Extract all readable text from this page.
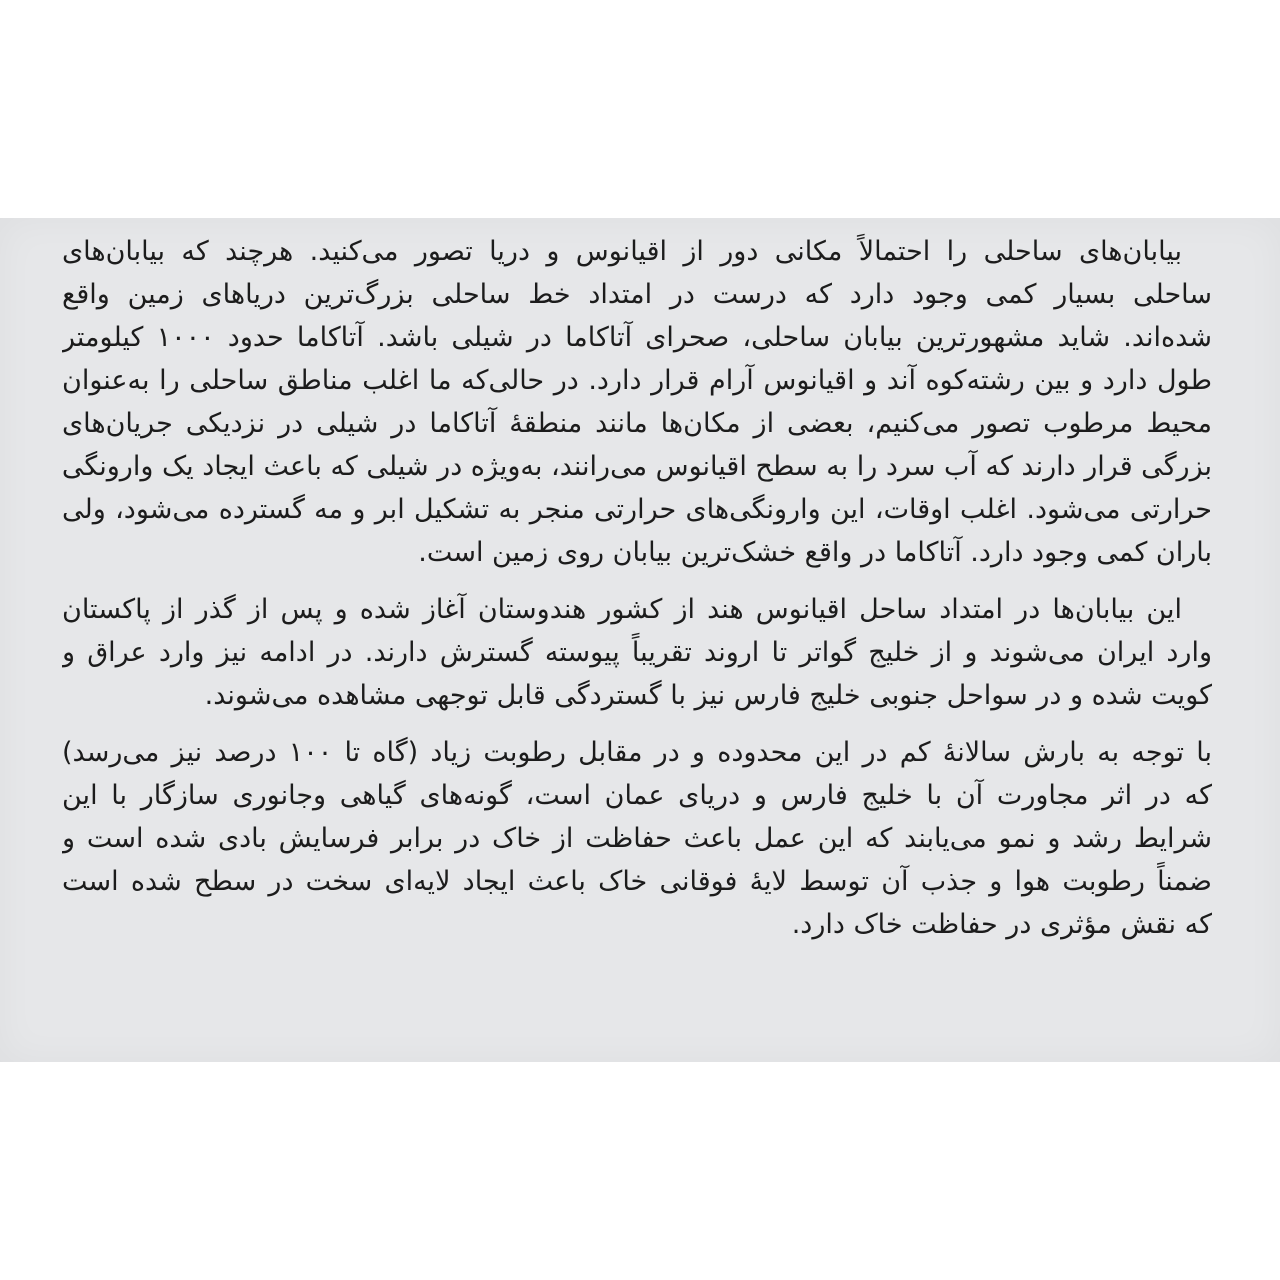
بیابان‌های ساحلی را احتمالاً مکانی دور از اقیانوس و دریا تصور می‌کنید. هرچند که بیابان‌های
ساحلی بسیار کمی وجود دارد که درست در امتداد خط ساحلی بزرگ‌ترین دریاهای زمین واقع
شده‌اند. شاید مشهورترین بیابان ساحلی، صحرای آتاکاما در شیلی باشد. آتاکاما حدود ۱۰۰۰ کیلومتر
طول دارد و بین رشته‌کوه آند و اقیانوس آرام قرار دارد. در حالی‌که ما اغلب مناطق ساحلی را به‌عنوان
محیط مرطوب تصور می‌کنیم، بعضی از مکان‌ها مانند منطقهٔ آتاکاما در شیلی در نزدیکی جریان‌های
بزرگی قرار دارند که آب سرد را به سطح اقیانوس می‌رانند، به‌ویژه در شیلی که باعث ایجاد یک وارونگی
حرارتی می‌شود. اغلب اوقات، این وارونگی‌های حرارتی منجر به تشکیل ابر و مه گسترده می‌شود، ولی
باران کمی وجود دارد. آتاکاما در واقع خشک‌ترین بیابان روی زمین است.

این بیابان‌ها در امتداد ساحل اقیانوس هند از کشور هندوستان آغاز شده و پس از گذر از پاکستان
وارد ایران می‌شوند و از خلیج گواتر تا اروند تقریباً پیوسته گسترش دارند. در ادامه نیز وارد عراق و
کویت شده و در سواحل جنوبی خلیج فارس نیز با گستردگی قابل توجهی مشاهده می‌شوند.

با توجه به بارش سالانهٔ کم در این محدوده و در مقابل رطوبت زیاد (گاه تا ۱۰۰ درصد نیز می‌رسد)
که در اثر مجاورت آن با خلیج فارس و دریای عمان است، گونه‌های گیاهی وجانوری سازگار با این
شرایط رشد و نمو می‌یابند که این عمل باعث حفاظت از خاک در برابر فرسایش بادی شده است و
ضمناً رطوبت هوا و جذب آن توسط لایهٔ فوقانی خاک باعث ایجاد لایه‌ای سخت در سطح شده است
که نقش مؤثری در حفاظت خاک دارد.
